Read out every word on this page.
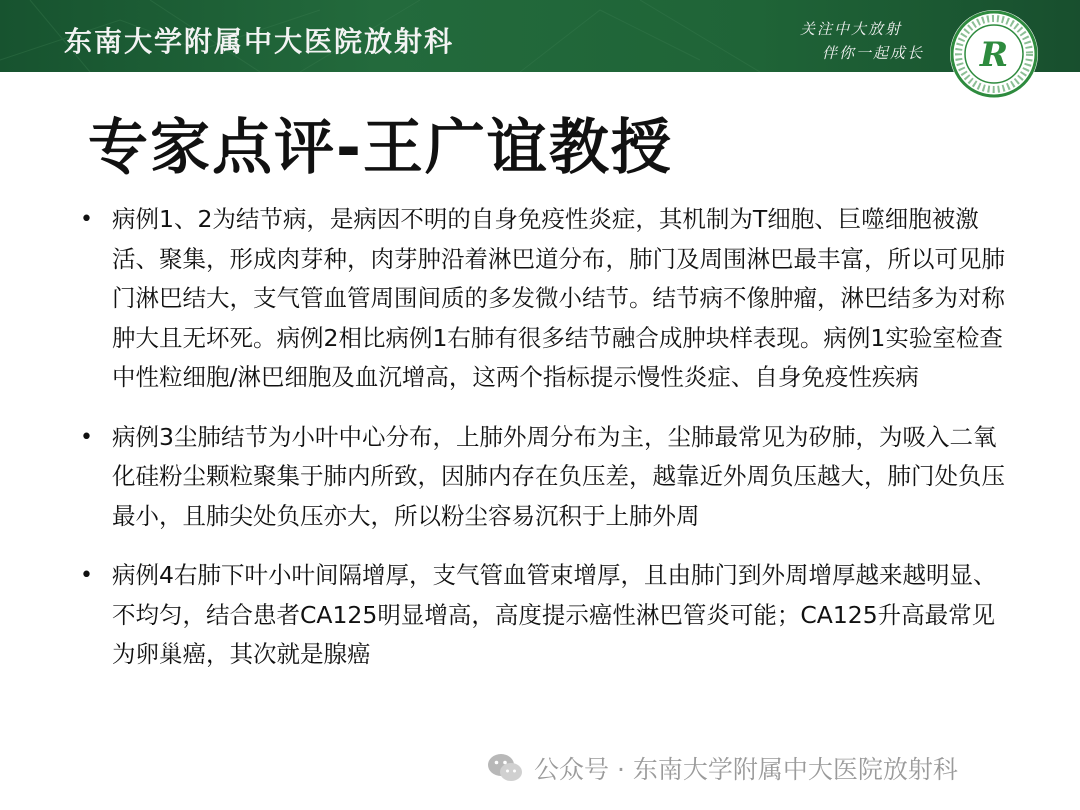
东南大学附属中大医院放射科	关注中大放射
伴你一起成长 R
专家点评-王广谊教授
• 病例1、2为结节病，是病因不明的自身免疫性炎症，其机制为T细胞、巨噬细胞被激活、聚集，形成肉芽种，肉芽肿沿着淋巴道分布，肺门及周围淋巴最丰富，所以可见肺门淋巴结大，支气管血管周围间质的多发微小结节。结节病不像肿瘤，淋巴结多为对称肿大且无坏死。病例2相比病例1右肺有很多结节融合成肿块样表现。病例1实验室检查中性粒细胞/淋巴细胞及血沉增高，这两个指标提示慢性炎症、自身免疫性疾病
• 病例3尘肺结节为小叶中心分布，上肺外周分布为主，尘肺最常见为矽肺，为吸入二氧化硅粉尘颗粒聚集于肺内所致，因肺内存在负压差，越靠近外周负压越大，肺门处负压最小，且肺尖处负压亦大，所以粉尘容易沉积于上肺外周
• 病例4右肺下叶小叶间隔增厚，支气管血管束增厚，且由肺门到外周增厚越来越明显、不均匀，结合患者CA125明显增高，高度提示癌性淋巴管炎可能；CA125升高最常见为卵巢癌，其次就是腺癌
公众号 · 东南大学附属中大医院放射科
